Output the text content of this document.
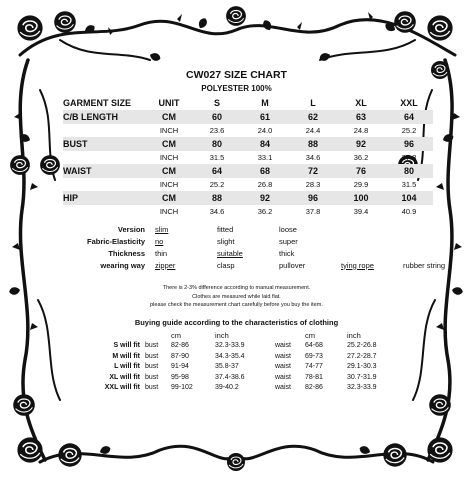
CW027 SIZE CHART
POLYESTER 100%
GARMENT SIZE	UNIT	S	M	L	XL	XXL
C/B LENGTH	CM	60	61	62	63	64
	INCH	23.6	24.0	24.4	24.8	25.2
BUST	CM	80	84	88	92	96
	INCH	31.5	33.1	34.6	36.2	37.8
WAIST	CM	64	68	72	76	80
	INCH	25.2	26.8	28.3	29.9	31.5
HIP	CM	88	92	96	100	104
	INCH	34.6	36.2	37.8	39.4	40.9
Version	slim	fitted	loose		
Fabric-Elasticity	no	slight	super		
Thickness	thin	suitable	thick		
wearing way	zipper	clasp	pullover	tying rope	rubber string
There is 2-3% difference according to manual measurement.
Clothes are measured while laid flat.
please check the measurement chart carefully before you buy the item.
Buying guide according to the characteristics of clothing
		cm	inch		cm	inch
S will fit	bust	82-86	32.3-33.9	waist	64-68	25.2-26.8
M will fit	bust	87-90	34.3-35.4	waist	69-73	27.2-28.7
L will fit	bust	91-94	35.8-37	waist	74-77	29.1-30.3
XL will fit	bust	95-98	37.4-38.6	waist	78-81	30.7-31.9
XXL will fit	bust	99-102	39-40.2	waist	82-86	32.3-33.9
